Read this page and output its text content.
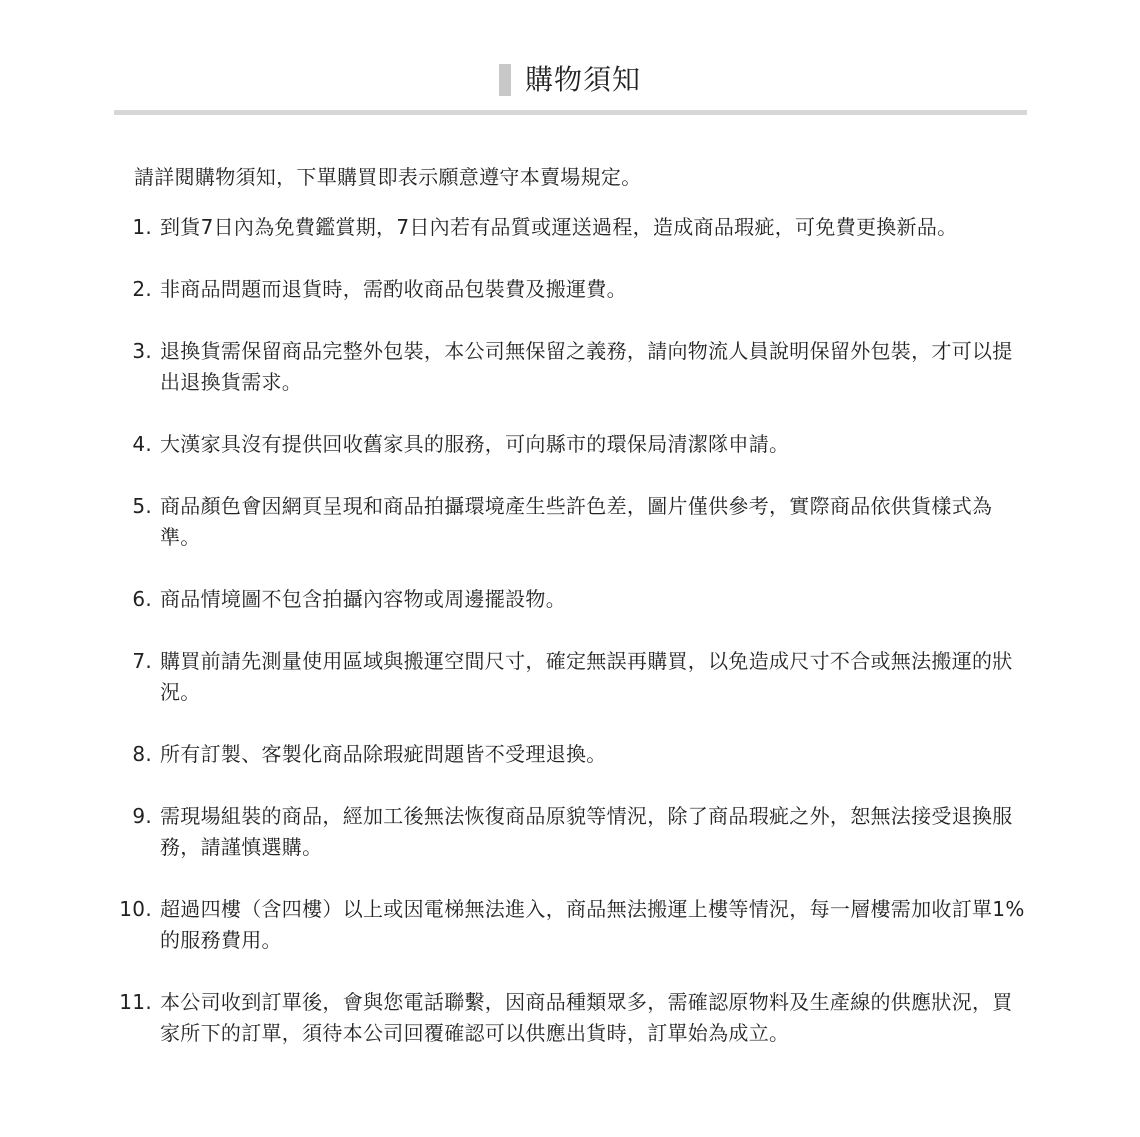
購物須知
請詳閱購物須知，下單購買即表示願意遵守本賣場規定。
1. 到貨7日內為免費鑑賞期，7日內若有品質或運送過程，造成商品瑕疵，可免費更換新品。
2. 非商品問題而退貨時，需酌收商品包裝費及搬運費。
3. 退換貨需保留商品完整外包裝，本公司無保留之義務，請向物流人員說明保留外包裝，才可以提出退換貨需求。
4. 大漢家具沒有提供回收舊家具的服務，可向縣市的環保局清潔隊申請。
5. 商品顏色會因網頁呈現和商品拍攝環境產生些許色差，圖片僅供參考，實際商品依供貨樣式為準。
6. 商品情境圖不包含拍攝內容物或周邊擺設物。
7. 購買前請先測量使用區域與搬運空間尺寸，確定無誤再購買，以免造成尺寸不合或無法搬運的狀況。
8. 所有訂製、客製化商品除瑕疵問題皆不受理退換。
9. 需現場組裝的商品，經加工後無法恢復商品原貌等情況，除了商品瑕疵之外，恕無法接受退換服務，請謹慎選購。
10. 超過四樓（含四樓）以上或因電梯無法進入，商品無法搬運上樓等情況，每一層樓需加收訂單1%的服務費用。
11. 本公司收到訂單後，會與您電話聯繫，因商品種類眾多，需確認原物料及生產線的供應狀況，買家所下的訂單，須待本公司回覆確認可以供應出貨時，訂單始為成立。
